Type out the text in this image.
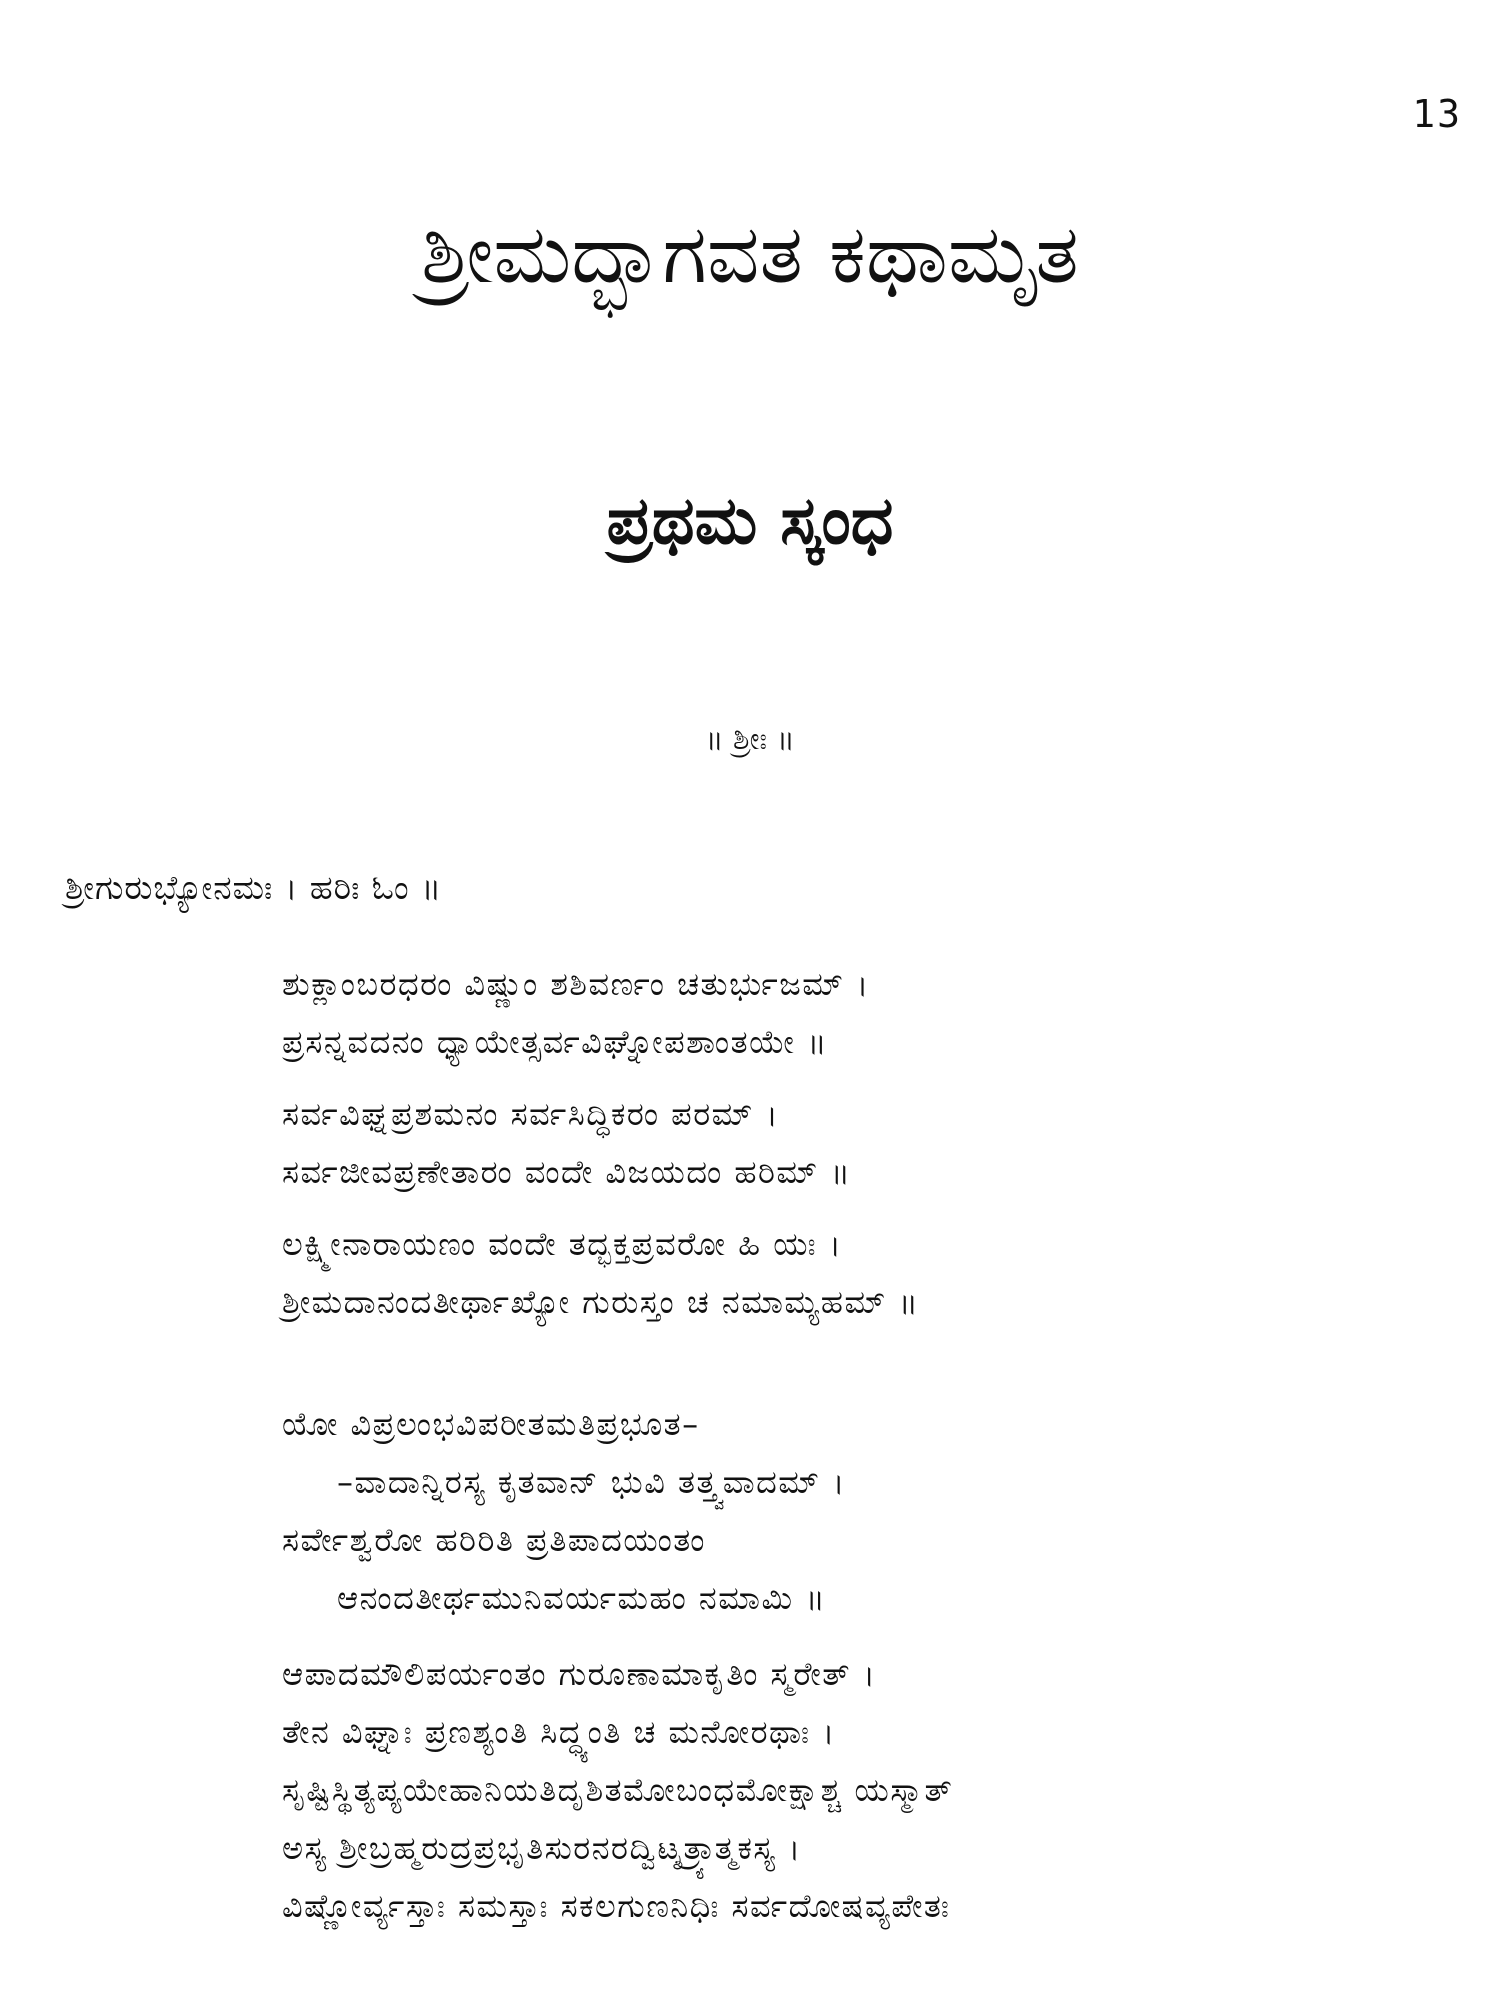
13
ಶ್ರೀಮದ್ಭಾಗವತ ಕಥಾಮೃತ
ಪ್ರಥಮ ಸ್ಕಂಧ
॥ ಶ್ರೀಃ ॥
ಶ್ರೀಗುರುಭ್ಯೋನಮಃ । ಹರಿಃ ಓಂ ॥
ಶುಕ್ಲಾಂಬರಧರಂ ವಿಷ್ಣುಂ ಶಶಿವರ್ಣಂ ಚತುರ್ಭುಜಮ್ ।
ಪ್ರಸನ್ನವದನಂ ಧ್ಯಾಯೇತ್ಸರ್ವವಿಘ್ನೋಪಶಾಂತಯೇ ॥
ಸರ್ವವಿಘ್ನಪ್ರಶಮನಂ ಸರ್ವಸಿದ್ಧಿಕರಂ ಪರಮ್ ।
ಸರ್ವಜೀವಪ್ರಣೇತಾರಂ ವಂದೇ ವಿಜಯದಂ ಹರಿಮ್ ॥
ಲಕ್ಷ್ಮೀನಾರಾಯಣಂ ವಂದೇ ತದ್ಭಕ್ತಪ್ರವರೋ ಹಿ ಯಃ ।
ಶ್ರೀಮದಾನಂದತೀರ್ಥಾಖ್ಯೋ ಗುರುಸ್ತಂ ಚ ನಮಾಮ್ಯಹಮ್ ॥
ಯೋ ವಿಪ್ರಲಂಭವಿಪರೀತಮತಿಪ್ರಭೂತ–
–ವಾದಾನ್ನಿರಸ್ಯ ಕೃತವಾನ್ ಭುವಿ ತತ್ತ್ವವಾದಮ್ ।
ಸರ್ವೇಶ್ವರೋ ಹರಿರಿತಿ ಪ್ರತಿಪಾದಯಂತಂ
ಆನಂದತೀರ್ಥಮುನಿವರ್ಯಮಹಂ ನಮಾಮಿ ॥
ಆಪಾದಮೌಲಿಪರ್ಯಂತಂ ಗುರೂಣಾಮಾಕೃತಿಂ ಸ್ಮರೇತ್ ।
ತೇನ ವಿಘ್ನಾಃ ಪ್ರಣಶ್ಯಂತಿ ಸಿದ್ಧ್ಯಂತಿ ಚ ಮನೋರಥಾಃ ।
ಸೃಷ್ಟಿಸ್ಥಿತ್ಯಪ್ಯಯೇಹಾನಿಯತಿದೃಶಿತಮೋಬಂಧಮೋಕ್ಷಾಶ್ಚ ಯಸ್ಮಾತ್
ಅಸ್ಯ ಶ್ರೀಬ್ರಹ್ಮರುದ್ರಪ್ರಭೃತಿಸುರನರದ್ವಿಟ್ಶತ್ರ್ಯಾತ್ಮಕಸ್ಯ ।
ವಿಷ್ಣೋರ್ವ್ಯಸ್ತಾಃ ಸಮಸ್ತಾಃ ಸಕಲಗುಣನಿಧಿಃ ಸರ್ವದೋಷವ್ಯಪೇತಃ
